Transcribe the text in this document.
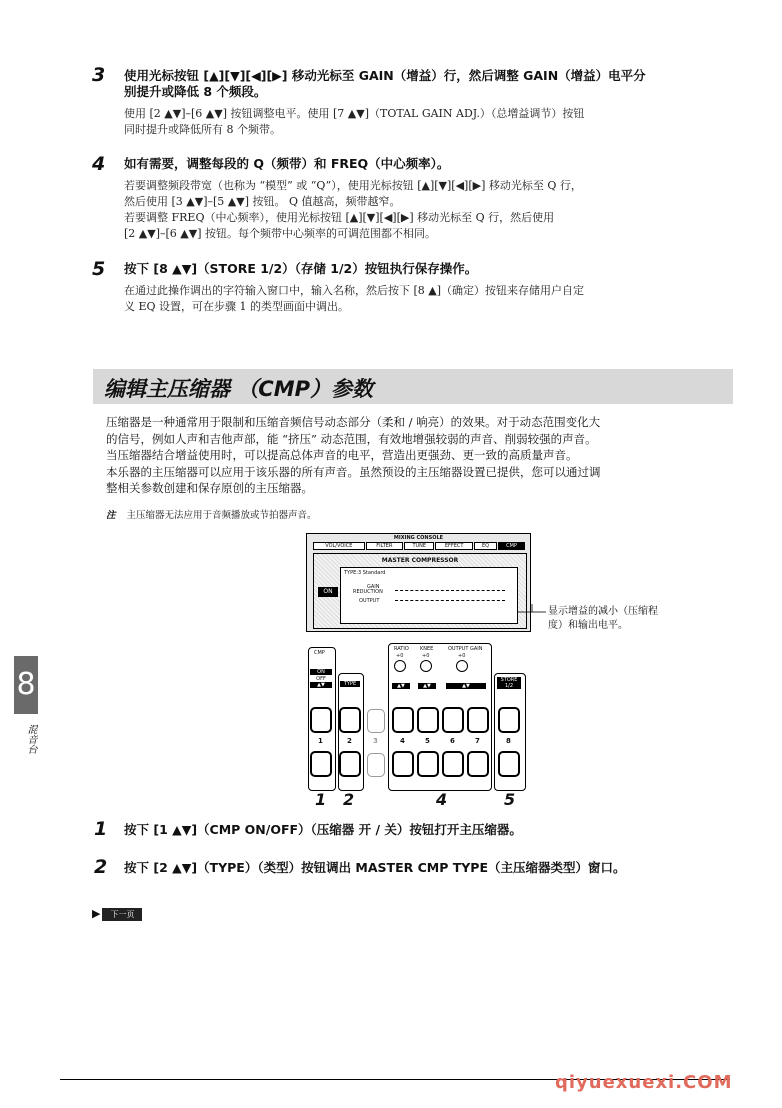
3 使用光标按钮 [▲][▼][◀][▶] 移动光标至 GAIN（增益）行，然后调整 GAIN（增益）电平分
别提升或降低 8 个频段。
使用 [2 ▲▼]–[6 ▲▼] 按钮调整电平。使用 [7 ▲▼]（TOTAL GAIN ADJ.）（总增益调节）按钮
同时提升或降低所有 8 个频带。
4 如有需要，调整每段的 Q（频带）和 FREQ（中心频率）。
若要调整频段带宽（也称为 “模型” 或 “Q”），使用光标按钮 [▲][▼][◀][▶] 移动光标至 Q 行，
然后使用 [3 ▲▼]–[5 ▲▼] 按钮。 Q 值越高，频带越窄。
若要调整 FREQ（中心频率），使用光标按钮 [▲][▼][◀][▶] 移动光标至 Q 行，然后使用
[2 ▲▼]–[6 ▲▼] 按钮。每个频带中心频率的可调范围都不相同。
5 按下 [8 ▲▼]（STORE 1/2）（存储 1/2）按钮执行保存操作。
在通过此操作调出的字符输入窗口中，输入名称，然后按下 [8 ▲]（确定）按钮来存储用户自定
义 EQ 设置，可在步骤 1 的类型画面中调出。
编辑主压缩器 （CMP）参数
压缩器是一种通常用于限制和压缩音频信号动态部分（柔和 / 响亮）的效果。对于动态范围变化大
的信号，例如人声和吉他声部，能 “挤压” 动态范围，有效地增强较弱的声音、削弱较强的声音。
当压缩器结合增益使用时，可以提高总体声音的电平，营造出更强劲、更一致的高质量声音。
本乐器的主压缩器可以应用于该乐器的所有声音。虽然预设的主压缩器设置已提供，您可以通过调
整相关参数创建和保存原创的主压缩器。
注 主压缩器无法应用于音频播放或节拍器声音。
8
混音台
MIXING CONSOLE
VOL/VOICE	FILTER	TUNE	EFFECT	EQ	CMP
MASTER COMPRESSOR
TYPE:3 Standard
GAIN
REDUCTION
OUTPUT
ON
CMP
ON
OFF
▲▼	TYPE
RATIO
+0
KNEE
+0
OUTPUT GAIN
+0
▲▼	▲▼	▲▼
STORE
1/2
1	2	3	4	5	6	7	8
显示增益的减小（压缩程
度）和输出电平。
1 2	4	5
1 按下 [1 ▲▼]（CMP ON/OFF）（压缩器 开 / 关）按钮打开主压缩器。
2 按下 [2 ▲▼]（TYPE）（类型）按钮调出 MASTER CMP TYPE（主压缩器类型）窗口。
▶	下一页
qiyuexuexi.COM
